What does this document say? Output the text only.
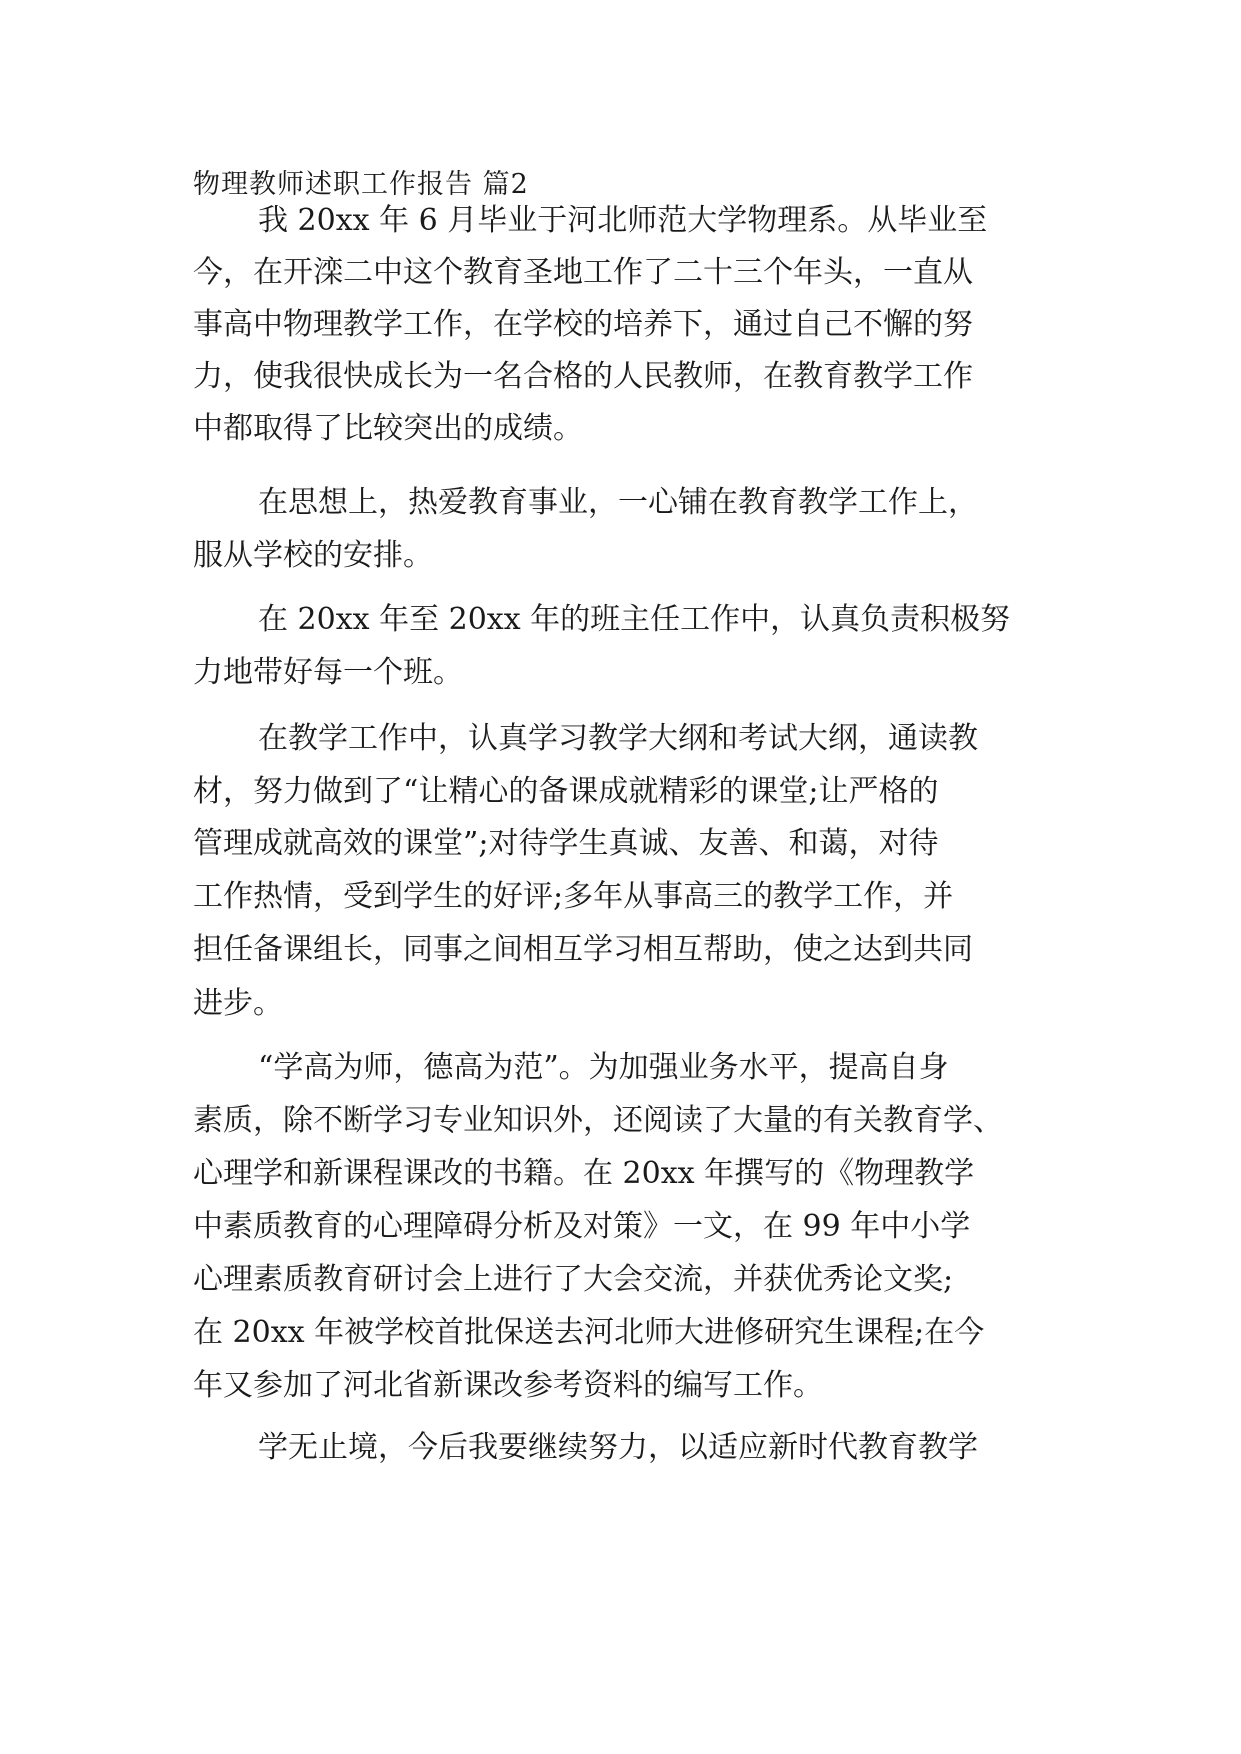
物理教师述职工作报告 篇2
我 20xx 年 6 月毕业于河北师范大学物理系。从毕业至
今，在开滦二中这个教育圣地工作了二十三个年头，一直从
事高中物理教学工作，在学校的培养下，通过自己不懈的努
力，使我很快成长为一名合格的人民教师，在教育教学工作
中都取得了比较突出的成绩。
在思想上，热爱教育事业，一心铺在教育教学工作上，
服从学校的安排。
在 20xx 年至 20xx 年的班主任工作中，认真负责积极努
力地带好每一个班。
在教学工作中，认真学习教学大纲和考试大纲，通读教
材，努力做到了“让精心的备课成就精彩的课堂;让严格的
管理成就高效的课堂”;对待学生真诚、友善、和蔼，对待
工作热情，受到学生的好评;多年从事高三的教学工作，并
担任备课组长，同事之间相互学习相互帮助，使之达到共同
进步。
“学高为师，德高为范”。为加强业务水平，提高自身
素质，除不断学习专业知识外，还阅读了大量的有关教育学、
心理学和新课程课改的书籍。在 20xx 年撰写的《物理教学
中素质教育的心理障碍分析及对策》一文，在 99 年中小学
心理素质教育研讨会上进行了大会交流，并获优秀论文奖;
在 20xx 年被学校首批保送去河北师大进修研究生课程;在今
年又参加了河北省新课改参考资料的编写工作。
学无止境，今后我要继续努力，以适应新时代教育教学
